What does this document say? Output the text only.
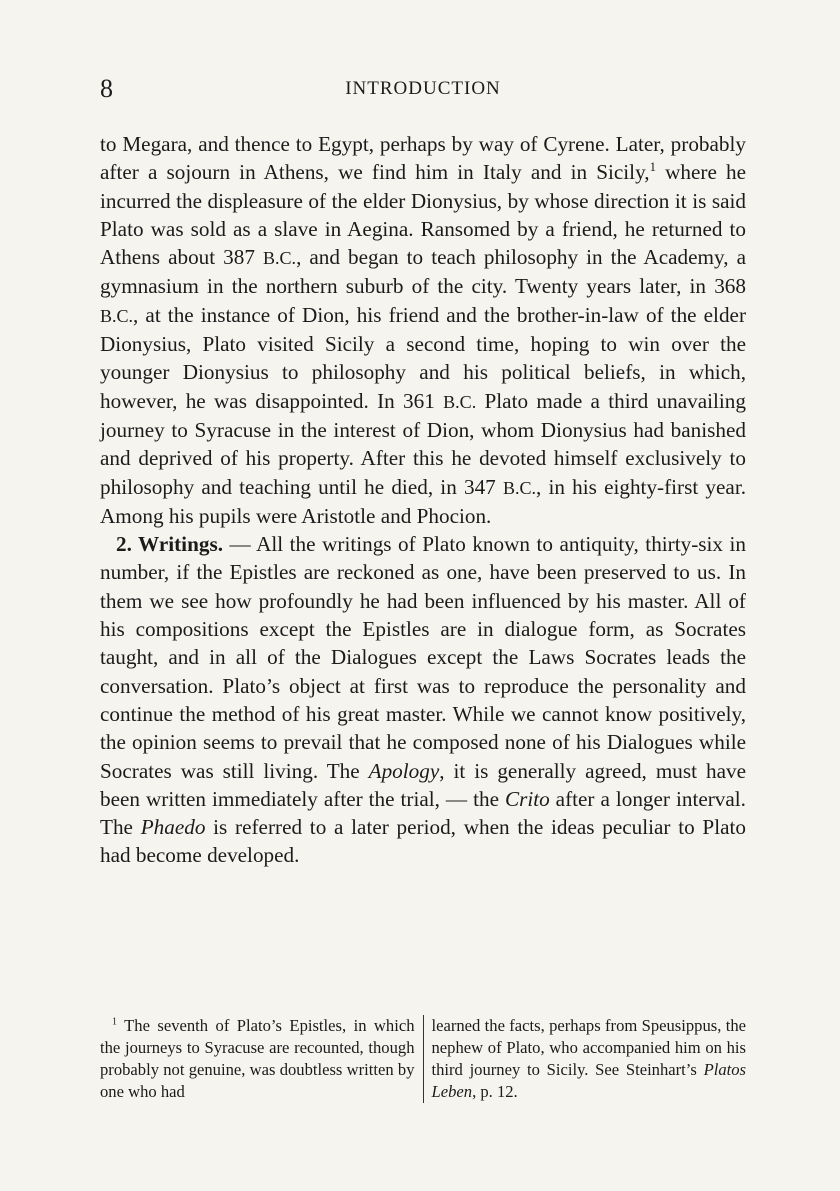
8	INTRODUCTION

to Megara, and thence to Egypt, perhaps by way of Cyrene. Later, probably after a sojourn in Athens, we find him in Italy and in Sicily,$^1$ where he incurred the displeasure of the elder Dionysius, by whose direction it is said Plato was sold as a slave in Aegina. Ransomed by a friend, he returned to Athens about 387 B.C., and began to teach philosophy in the Academy, a gymnasium in the northern suburb of the city. Twenty years later, in 368 B.C., at the instance of Dion, his friend and the brother-in-law of the elder Dionysius, Plato visited Sicily a second time, hoping to win over the younger Dionysius to philosophy and his political beliefs, in which, however, he was disappointed. In 361 B.C. Plato made a third unavailing journey to Syracuse in the interest of Dion, whom Dionysius had banished and deprived of his property. After this he devoted himself exclusively to philosophy and teaching until he died, in 347 B.C., in his eighty-first year. Among his pupils were Aristotle and Phocion.

2. Writings. — All the writings of Plato known to antiquity, thirty-six in number, if the Epistles are reckoned as one, have been preserved to us. In them we see how profoundly he had been influenced by his master. All of his compositions except the Epistles are in dialogue form, as Socrates taught, and in all of the Dialogues except the Laws Socrates leads the conversation. Plato’s object at first was to reproduce the personality and continue the method of his great master. While we cannot know positively, the opinion seems to prevail that he composed none of his Dialogues while Socrates was still living. The Apology, it is generally agreed, must have been written immediately after the trial, — the Crito after a longer interval. The Phaedo is referred to a later period, when the ideas peculiar to Plato had become developed.

$^1$ The seventh of Plato’s Epistles, in which the journeys to Syracuse are recounted, though probably not genuine, was doubtless written by one who had
learned the facts, perhaps from Speusippus, the nephew of Plato, who accompanied him on his third journey to Sicily. See Steinhart’s Platos Leben, p. 12.
